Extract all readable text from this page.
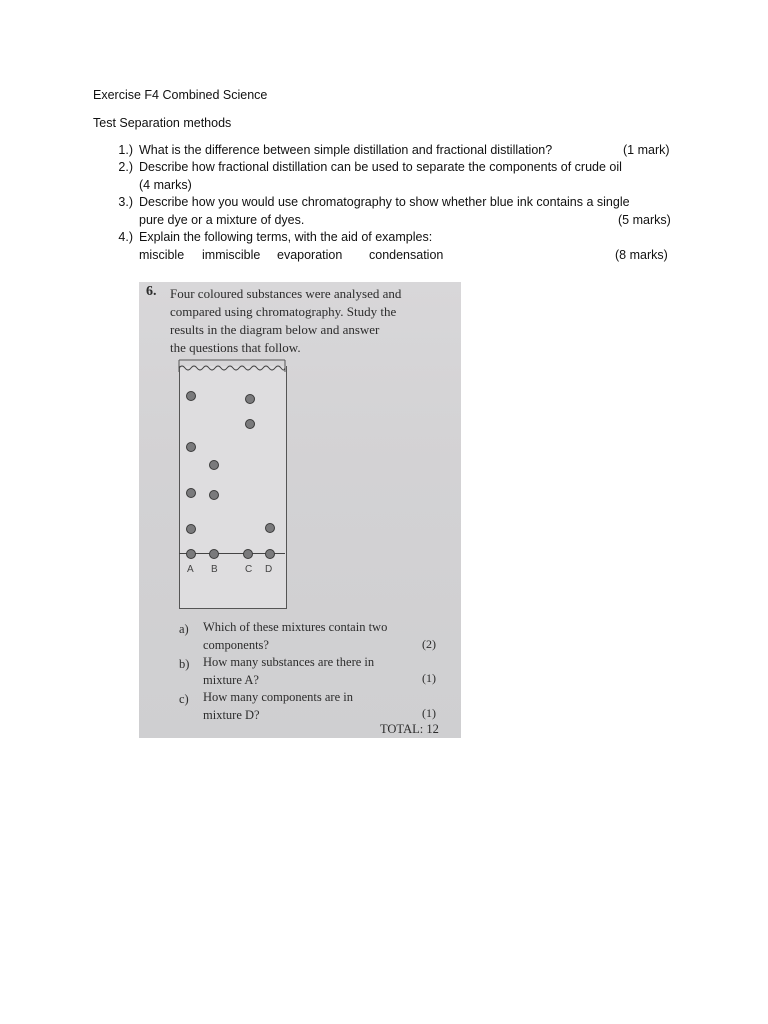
Exercise F4 Combined Science
Test Separation methods
1.) What is the difference between simple distillation and fractional distillation?	(1 mark)
2.) Describe how fractional distillation can be used to separate the components of crude oil
(4 marks)
3.) Describe how you would use chromatography to show whether blue ink contains a single
pure dye or a mixture of dyes.	(5 marks)
4.) Explain the following terms, with the aid of examples:
miscible immiscible evaporation condensation	(8 marks)
6. Four coloured substances were analysed and
compared using chromatography. Study the
results in the diagram below and answer
the questions that follow.
A B	C D
a) Which of these mixtures contain two
components?	(2)
b) How many substances are there in
mixture A?	(1)
c) How many components are in
mixture D?	(1)
TOTAL: 12
